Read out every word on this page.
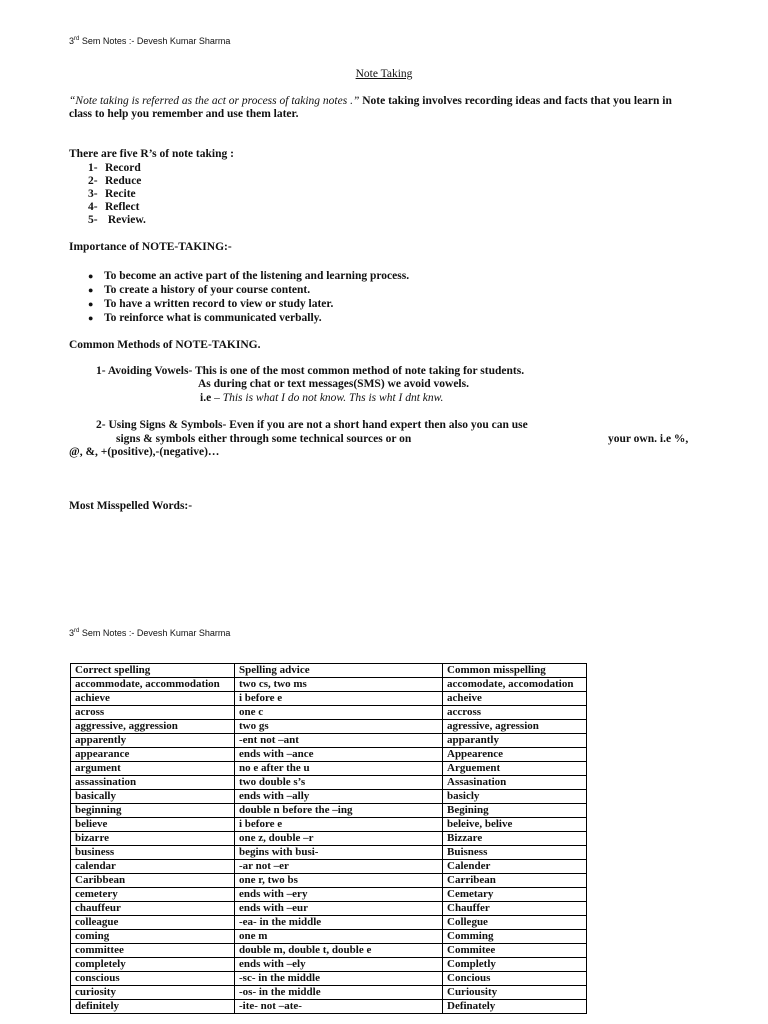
3rd Sem Notes :- Devesh Kumar Sharma
Note Taking
“Note taking is referred as the act or process of taking notes .” Note taking involves recording ideas and facts that you learn in
class to help you remember and use them later.
There are five R’s of note taking :
1- Record
2- Reduce
3- Recite
4- Reflect
5- Review.
Importance of NOTE-TAKING:-
● To become an active part of the listening and learning process.
● To create a history of your course content.
● To have a written record to view or study later.
● To reinforce what is communicated verbally.
Common Methods of NOTE-TAKING.
1- Avoiding Vowels- This is one of the most common method of note taking for students.
As during chat or text messages(SMS) we avoid vowels.
i.e – This is what I do not know. Ths is wht I dnt knw.
2- Using Signs & Symbols- Even if you are not a short hand expert then also you can use
signs & symbols either through some technical sources or on	your own. i.e %,
@, &, +(positive),-(negative)…
Most Misspelled Words:-
3rd Sem Notes :- Devesh Kumar Sharma
Correct spelling	Spelling advice	Common misspelling
accommodate, accommodation	two cs, two ms	accomodate, accomodation
achieve	i before e	acheive
across	one c	accross
aggressive, aggression	two gs	agressive, agression
apparently	-ent not –ant	apparantly
appearance	ends with –ance	Appearence
argument	no e after the u	Arguement
assassination	two double s’s	Assasination
basically	ends with –ally	basicly
beginning	double n before the –ing	Begining
believe	i before e	beleive, belive
bizarre	one z, double –r	Bizzare
business	begins with busi-	Buisness
calendar	-ar not –er	Calender
Caribbean	one r, two bs	Carribean
cemetery	ends with –ery	Cemetary
chauffeur	ends with –eur	Chauffer
colleague	-ea- in the middle	Collegue
coming	one m	Comming
committee	double m, double t, double e	Commitee
completely	ends with –ely	Completly
conscious	-sc- in the middle	Concious
curiosity	-os- in the middle	Curiousity
definitely	-ite- not –ate-	Definately
